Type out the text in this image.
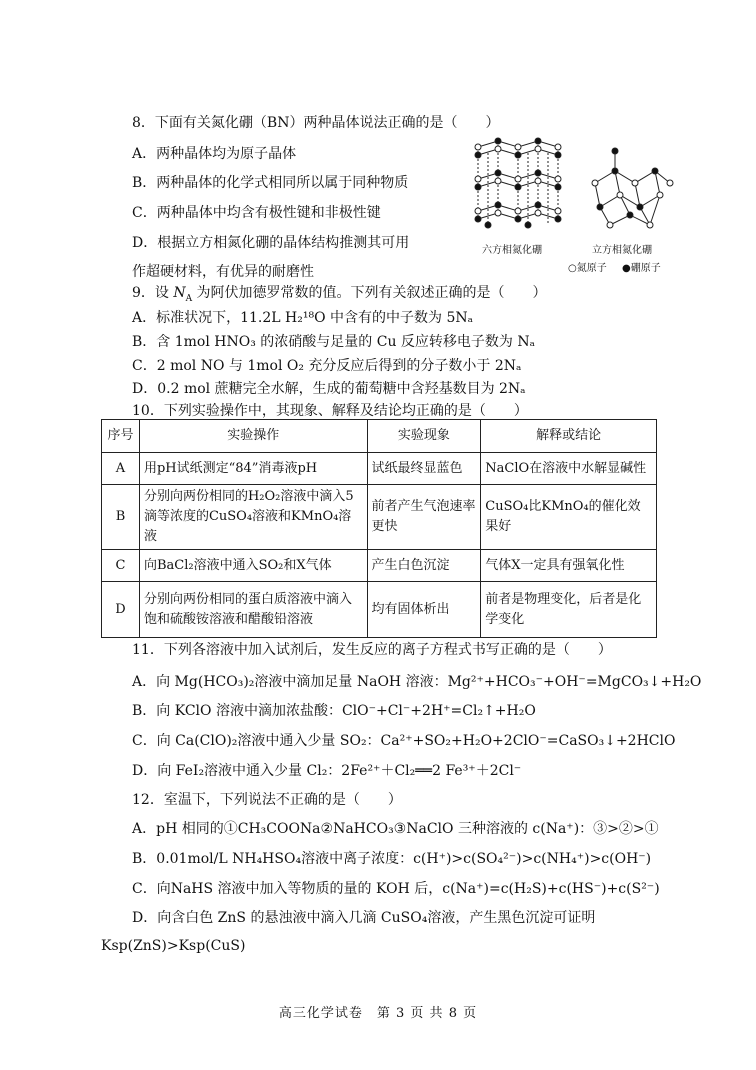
8．下面有关氮化硼（BN）两种晶体说法正确的是（　　）
A．两种晶体均为原子晶体
B．两种晶体的化学式相同所以属于同种物质
C．两种晶体中均含有极性键和非极性键
D．根据立方相氮化硼的晶体结构推测其可用
作超硬材料，有优异的耐磨性
六方相氮化硼	立方相氮化硼
○氮原子 ●硼原子
9．设 $N_A$ 为阿伏加德罗常数的值。下列有关叙述正确的是（　　）
A．标准状况下，11.2L H₂¹⁸O 中含有的中子数为 5Nₐ
B．含 1mol HNO₃ 的浓硝酸与足量的 Cu 反应转移电子数为 Nₐ
C．2 mol NO 与 1mol O₂ 充分反应后得到的分子数小于 2Nₐ
D．0.2 mol 蔗糖完全水解，生成的葡萄糖中含羟基数目为 2Nₐ
10．下列实验操作中，其现象、解释及结论均正确的是（　　）
序号	实验操作	实验现象	解释或结论
A	用pH试纸测定“84”消毒液pH	试纸最终显蓝色	NaClO在溶液中水解显碱性
B	分别向两份相同的H₂O₂溶液中滴入5滴等浓度的CuSO₄溶液和KMnO₄溶液	前者产生气泡速率更快	CuSO₄比KMnO₄的催化效果好
C	向BaCl₂溶液中通入SO₂和X气体	产生白色沉淀	气体X一定具有强氧化性
D	分别向两份相同的蛋白质溶液中滴入饱和硫酸铵溶液和醋酸铅溶液	均有固体析出	前者是物理变化，后者是化学变化
11．下列各溶液中加入试剂后，发生反应的离子方程式书写正确的是（　　）
A．向 Mg(HCO₃)₂溶液中滴加足量 NaOH 溶液：Mg²⁺+HCO₃⁻+OH⁻=MgCO₃↓+H₂O
B．向 KClO 溶液中滴加浓盐酸：ClO⁻+Cl⁻+2H⁺=Cl₂↑+H₂O
C．向 Ca(ClO)₂溶液中通入少量 SO₂：Ca²⁺+SO₂+H₂O+2ClO⁻=CaSO₃↓+2HClO
D．向 FeI₂溶液中通入少量 Cl₂：2Fe²⁺＋Cl₂══2 Fe³⁺＋2Cl⁻
12．室温下，下列说法不正确的是（　　）
A．pH 相同的①CH₃COONa②NaHCO₃③NaClO 三种溶液的 c(Na⁺)：③>②>①
B．0.01mol/L NH₄HSO₄溶液中离子浓度：c(H⁺)>c(SO₄²⁻)>c(NH₄⁺)>c(OH⁻)
C．向NaHS 溶液中加入等物质的量的 KOH 后，c(Na⁺)=c(H₂S)+c(HS⁻)+c(S²⁻)
D．向含白色 ZnS 的悬浊液中滴入几滴 CuSO₄溶液，产生黑色沉淀可证明
Ksp(ZnS)>Ksp(CuS)
高三化学试卷　第 3 页 共 8 页
